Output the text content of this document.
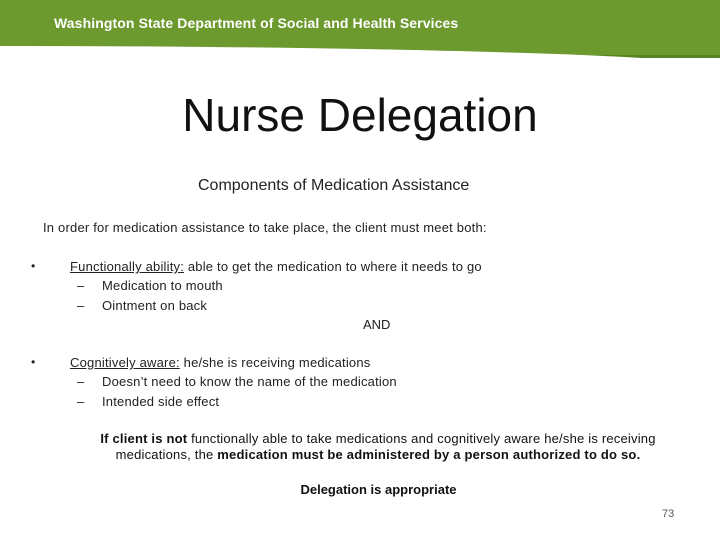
Washington State Department of Social and Health Services
Nurse Delegation
Components of Medication Assistance
In order for medication assistance to take place, the client must meet both:
•	Functionally ability: able to get the medication to where it needs to go
– Medication to mouth
– Ointment on back
AND
•	Cognitively aware: he/she is receiving medications
– Doesn’t need to know the name of the medication
– Intended side effect
If client is not functionally able to take medications and cognitively aware he/she is receiving medications, the medication must be administered by a person authorized to do so.
Delegation is appropriate
73
